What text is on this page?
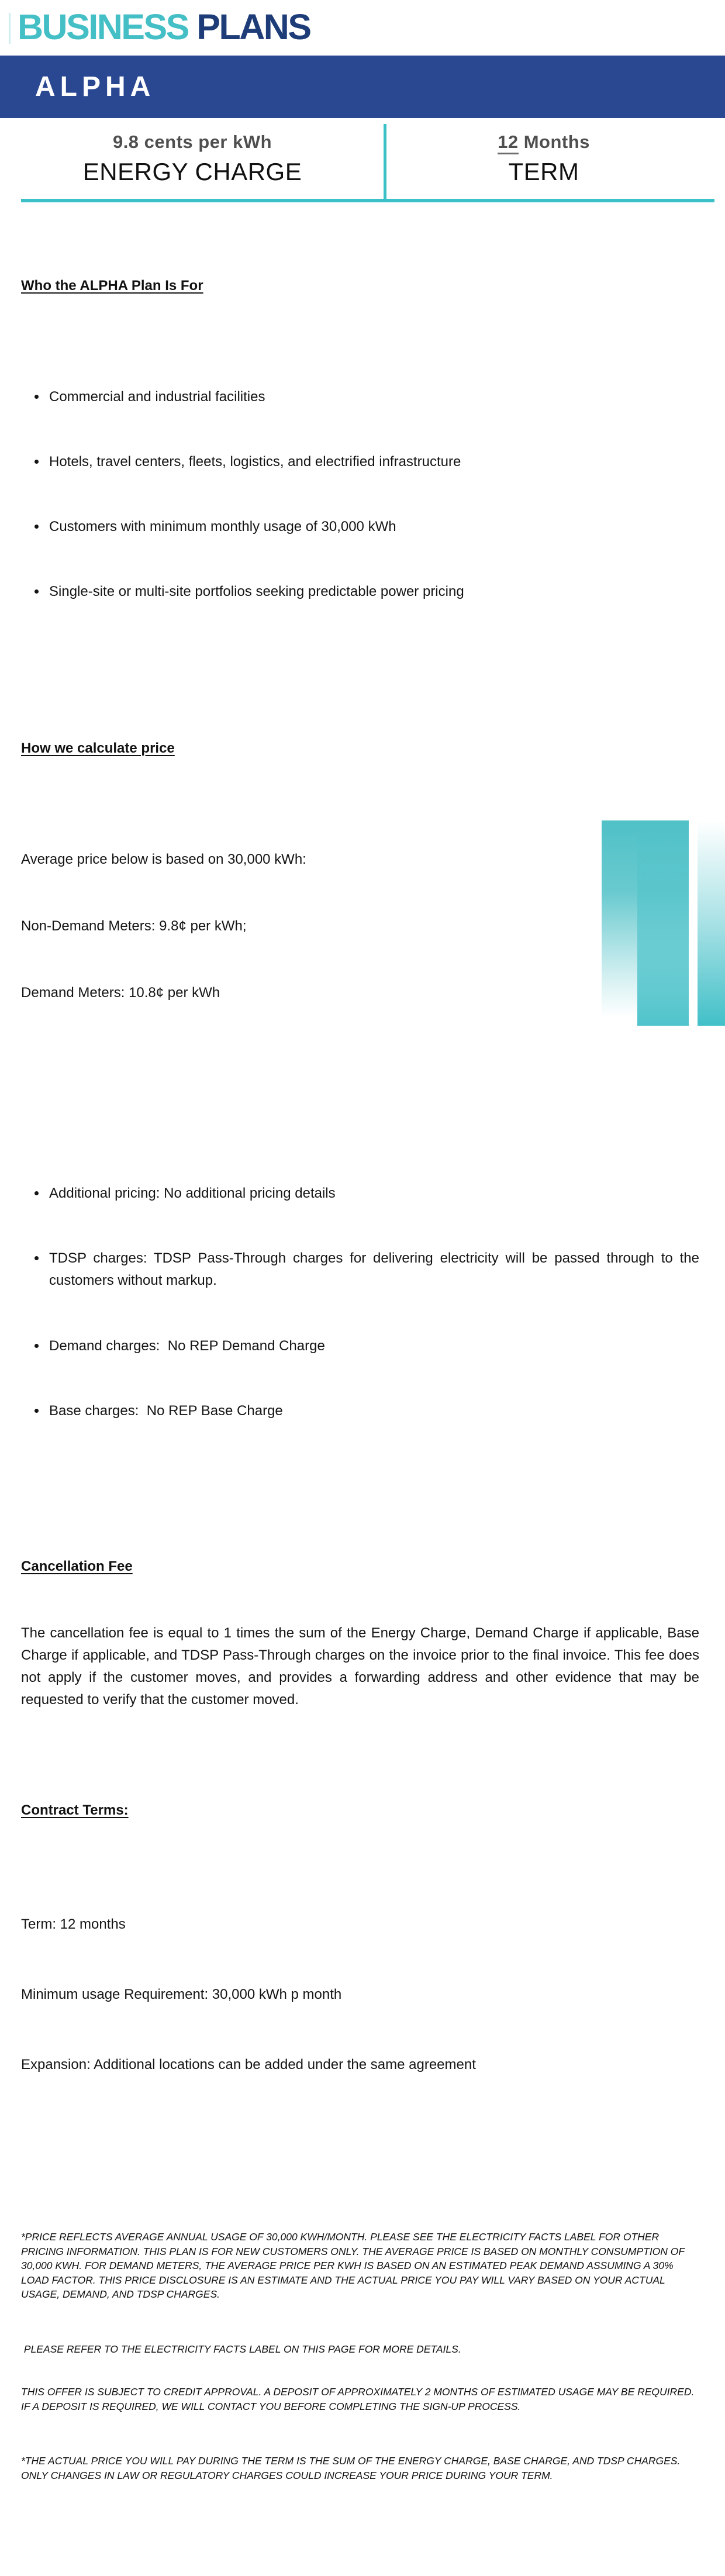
BUSINESS PLANS
ALPHA
9.8 cents per kWh
ENERGY CHARGE
12 Months
TERM

Who the ALPHA Plan Is For

• Commercial and industrial facilities

• Hotels, travel centers, fleets, logistics, and electrified infrastructure

• Customers with minimum monthly usage of 30,000 kWh

• Single-site or multi-site portfolios seeking predictable power pricing

How we calculate price

Average price below is based on 30,000 kWh:

Non-Demand Meters: 9.8¢ per kWh;

Demand Meters: 10.8¢ per kWh

• Additional pricing: No additional pricing details

• TDSP charges: TDSP Pass-Through charges for delivering electricity will be passed through to the customers without markup.

• Demand charges:  No REP Demand Charge

• Base charges:  No REP Base Charge

Cancellation Fee

The cancellation fee is equal to 1 times the sum of the Energy Charge, Demand Charge if applicable, Base Charge if applicable, and TDSP Pass-Through charges on the invoice prior to the final invoice. This fee does not apply if the customer moves, and provides a forwarding address and other evidence that may be requested to verify that the customer moved.

Contract Terms:

Term: 12 months

Minimum usage Requirement: 30,000 kWh p month

Expansion: Additional locations can be added under the same agreement

*PRICE REFLECTS AVERAGE ANNUAL USAGE OF 30,000 KWH/MONTH. PLEASE SEE THE ELECTRICITY FACTS LABEL FOR OTHER PRICING INFORMATION. THIS PLAN IS FOR NEW CUSTOMERS ONLY. THE AVERAGE PRICE IS BASED ON MONTHLY CONSUMPTION OF 30,000 KWH. FOR DEMAND METERS, THE AVERAGE PRICE PER KWH IS BASED ON AN ESTIMATED PEAK DEMAND ASSUMING A 30% LOAD FACTOR. THIS PRICE DISCLOSURE IS AN ESTIMATE AND THE ACTUAL PRICE YOU PAY WILL VARY BASED ON YOUR ACTUAL USAGE, DEMAND, AND TDSP CHARGES.

PLEASE REFER TO THE ELECTRICITY FACTS LABEL ON THIS PAGE FOR MORE DETAILS.

THIS OFFER IS SUBJECT TO CREDIT APPROVAL. A DEPOSIT OF APPROXIMATELY 2 MONTHS OF ESTIMATED USAGE MAY BE REQUIRED. IF A DEPOSIT IS REQUIRED, WE WILL CONTACT YOU BEFORE COMPLETING THE SIGN-UP PROCESS.

*THE ACTUAL PRICE YOU WILL PAY DURING THE TERM IS THE SUM OF THE ENERGY CHARGE, BASE CHARGE, AND TDSP CHARGES. ONLY CHANGES IN LAW OR REGULATORY CHARGES COULD INCREASE YOUR PRICE DURING YOUR TERM.
